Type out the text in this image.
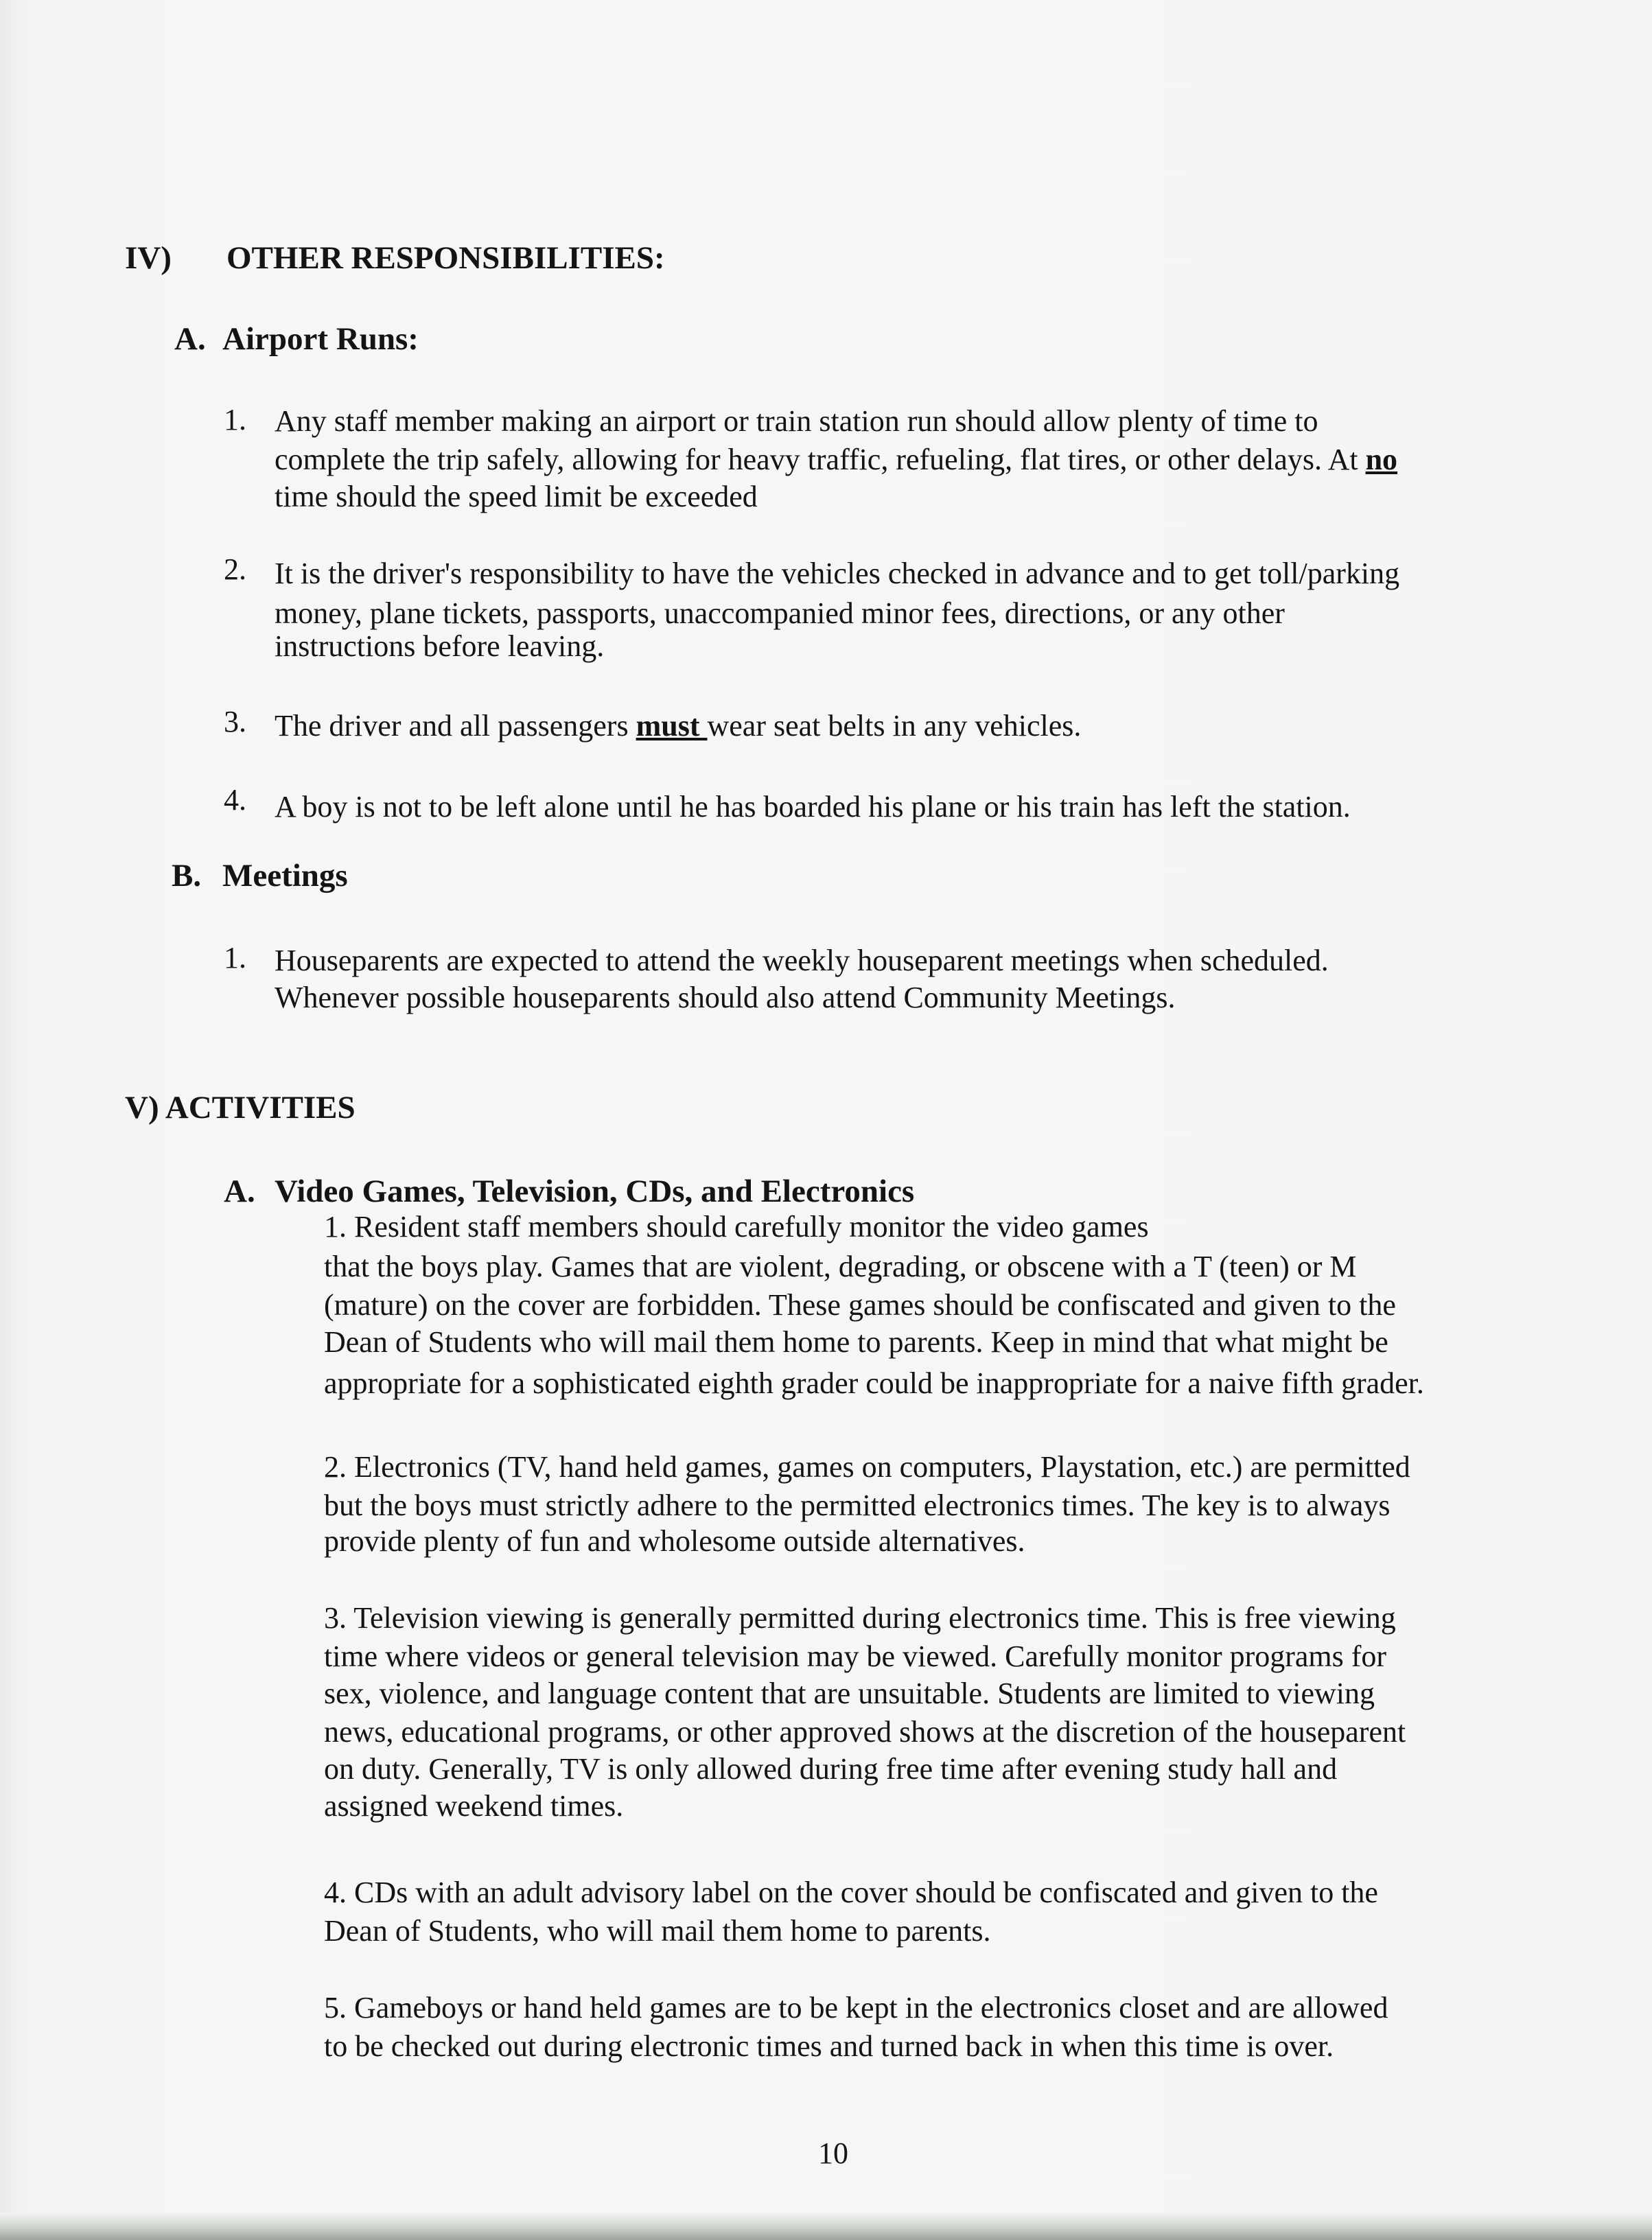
IV) OTHER RESPONSIBILITIES:
A. Airport Runs:
1. Any staff member making an airport or train station run should allow plenty of time to
complete the trip safely, allowing for heavy traffic, refueling, flat tires, or other delays. At no
time should the speed limit be exceeded
2. It is the driver's responsibility to have the vehicles checked in advance and to get toll/parking
money, plane tickets, passports, unaccompanied minor fees, directions, or any other
instructions before leaving.
3. The driver and all passengers must wear seat belts in any vehicles.
4. A boy is not to be left alone until he has boarded his plane or his train has left the station.
B. Meetings
1. Houseparents are expected to attend the weekly houseparent meetings when scheduled.
Whenever possible houseparents should also attend Community Meetings.
V) ACTIVITIES
A. Video Games, Television, CDs, and Electronics
1. Resident staff members should carefully monitor the video games
that the boys play. Games that are violent, degrading, or obscene with a T (teen) or M
(mature) on the cover are forbidden. These games should be confiscated and given to the
Dean of Students who will mail them home to parents. Keep in mind that what might be
appropriate for a sophisticated eighth grader could be inappropriate for a naive fifth grader.
2. Electronics (TV, hand held games, games on computers, Playstation, etc.) are permitted
but the boys must strictly adhere to the permitted electronics times. The key is to always
provide plenty of fun and wholesome outside alternatives.
3. Television viewing is generally permitted during electronics time. This is free viewing
time where videos or general television may be viewed. Carefully monitor programs for
sex, violence, and language content that are unsuitable. Students are limited to viewing
news, educational programs, or other approved shows at the discretion of the houseparent
on duty. Generally, TV is only allowed during free time after evening study hall and
assigned weekend times.
4. CDs with an adult advisory label on the cover should be confiscated and given to the
Dean of Students, who will mail them home to parents.
5. Gameboys or hand held games are to be kept in the electronics closet and are allowed
to be checked out during electronic times and turned back in when this time is over.
10
